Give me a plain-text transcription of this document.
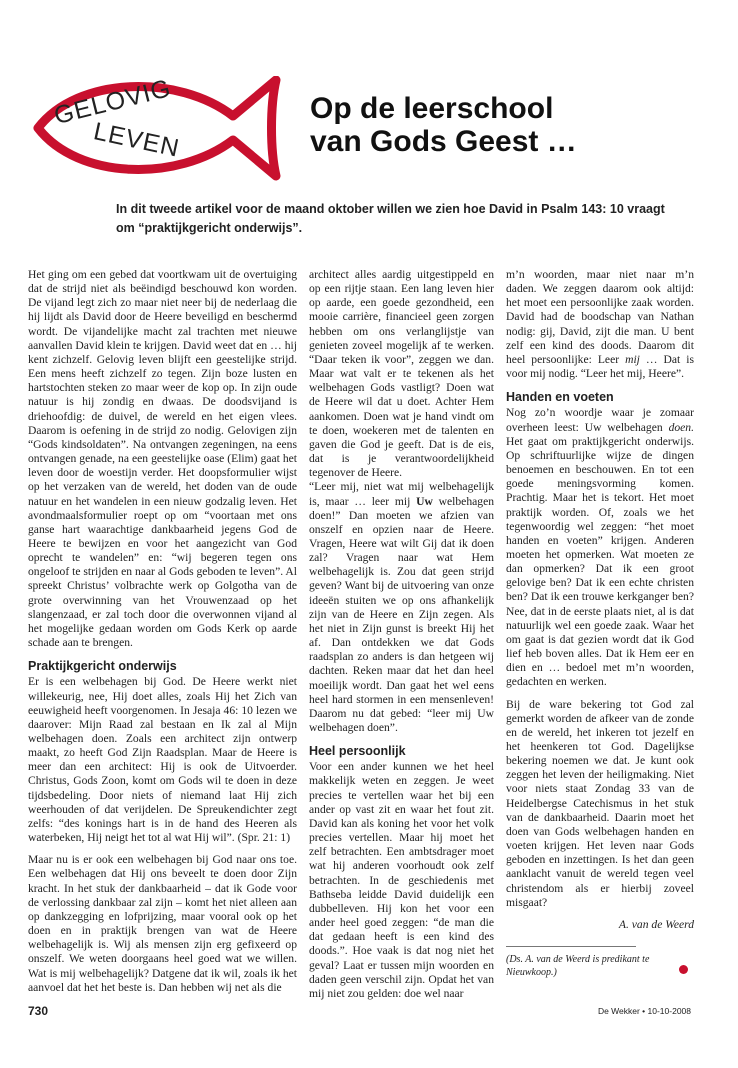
GELOVIG
LEVEN
Op de leerschool
van Gods Geest …
In dit tweede artikel voor de maand oktober willen we zien hoe David in Psalm 143: 10 vraagt om “praktijkgericht onderwijs”.

Het ging om een gebed dat voortkwam uit de overtuiging dat de strijd niet als beëindigd beschouwd kon worden. De vijand legt zich zo maar niet neer bij de nederlaag die hij lijdt als David door de Heere beveiligd en beschermd wordt. De vijandelijke macht zal trachten met nieuwe aanvallen David klein te krijgen. David weet dat en … hij kent zichzelf. Gelovig leven blijft een geestelijke strijd. Een mens heeft zichzelf zo tegen. Zijn boze lusten en hartstochten steken zo maar weer de kop op. In zijn oude natuur is hij zondig en dwaas. De doodsvijand is driehoofdig: de duivel, de wereld en het eigen vlees. Daarom is oefening in de strijd zo nodig. Gelovigen zijn “Gods kindsoldaten”. Na ontvangen zegeningen, na eens ontvangen genade, na een geestelijke oase (Elim) gaat het leven door de woestijn verder. Het doopsformulier wijst op het verzaken van de wereld, het doden van de oude natuur en het wandelen in een nieuw godzalig leven. Het avondmaalsformulier roept op om “voortaan met ons ganse hart waarachtige dankbaarheid jegens God de Heere te bewijzen en voor het aangezicht van God oprecht te wandelen” en: “wij begeren tegen ons ongeloof te strijden en naar al Gods geboden te leven”. Al spreekt Christus’ volbrachte werk op Golgotha van de grote overwinning van het Vrouwenzaad op het slangenzaad, er zal toch door die overwonnen vijand al het mogelijke gedaan worden om Gods Kerk op aarde schade aan te brengen.

Praktijkgericht onderwijs

Er is een welbehagen bij God. De Heere werkt niet willekeurig, nee, Hij doet alles, zoals Hij het Zich van eeuwigheid heeft voorgenomen. In Jesaja 46: 10 lezen we daarover: Mijn Raad zal bestaan en Ik zal al Mijn welbehagen doen. Zoals een architect zijn ontwerp maakt, zo heeft God Zijn Raadsplan. Maar de Heere is meer dan een architect: Hij is ook de Uitvoerder. Christus, Gods Zoon, komt om Gods wil te doen in deze tijdsbedeling. Door niets of niemand laat Hij zich weerhouden of dat verijdelen. De Spreukendichter zegt zelfs: “des konings hart is in de hand des Heeren als waterbeken, Hij neigt het tot al wat Hij wil”. (Spr. 21: 1)

Maar nu is er ook een welbehagen bij God naar ons toe. Een welbehagen dat Hij ons beveelt te doen door Zijn kracht. In het stuk der dankbaarheid – dat ik Gode voor de verlossing dankbaar zal zijn – komt het niet alleen aan op dankzegging en lofprijzing, maar vooral ook op het doen en in praktijk brengen van wat de Heere welbehagelijk is. Wij als mensen zijn erg gefixeerd op onszelf. We weten doorgaans heel goed wat we willen. Wat is mij welbehagelijk? Datgene dat ik wil, zoals ik het aanvoel dat het het beste is. Dan hebben wij net als die

architect alles aardig uitgestippeld en op een rijtje staan. Een lang leven hier op aarde, een goede gezondheid, een mooie carrière, financieel geen zorgen hebben om ons verlanglijstje van genieten zoveel mogelijk af te werken. “Daar teken ik voor”, zeggen we dan. Maar wat valt er te tekenen als het welbehagen Gods vastligt? Doen wat de Heere wil dat u doet. Achter Hem aankomen. Doen wat je hand vindt om te doen, woekeren met de talenten en gaven die God je geeft. Dat is de eis, dat is je verantwoordelijkheid tegenover de Heere.
“Leer mij, niet wat mij welbehagelijk is, maar … leer mij Uw welbehagen doen!” Dan moeten we afzien van onszelf en opzien naar de Heere. Vragen, Heere wat wilt Gij dat ik doen zal? Vragen naar wat Hem welbehagelijk is. Zou dat geen strijd geven? Want bij de uitvoering van onze ideeën stuiten we op ons afhankelijk zijn van de Heere en Zijn zegen. Als het niet in Zijn gunst is breekt Hij het af. Dan ontdekken we dat Gods raadsplan zo anders is dan hetgeen wij dachten. Reken maar dat het dan heel moeilijk wordt. Dan gaat het wel eens heel hard stormen in een mensenleven! Daarom nu dat gebed: “leer mij Uw welbehagen doen”.

Heel persoonlijk

Voor een ander kunnen we het heel makkelijk weten en zeggen. Je weet precies te vertellen waar het bij een ander op vast zit en waar het fout zit. David kan als koning het voor het volk precies vertellen. Maar hij moet het zelf betrachten. Een ambtsdrager moet wat hij anderen voorhoudt ook zelf betrachten. In de geschiedenis met Bathseba leidde David duidelijk een dubbelleven. Hij kon het voor een ander heel goed zeggen: “de man die dat gedaan heeft is een kind des doods.”. Hoe vaak is dat nog niet het geval? Laat er tussen mijn woorden en daden geen verschil zijn. Opdat het van mij niet zou gelden: doe wel naar

m’n woorden, maar niet naar m’n daden. We zeggen daarom ook altijd: het moet een persoonlijke zaak worden. David had de boodschap van Nathan nodig: gij, David, zijt die man. U bent zelf een kind des doods. Daarom dit heel persoonlijke: Leer mij … Dat is voor mij nodig. “Leer het mij, Heere”.

Handen en voeten

Nog zo’n woordje waar je zomaar overheen leest: Uw welbehagen doen. Het gaat om praktijkgericht onderwijs. Op schriftuurlijke wijze de dingen benoemen en beschouwen. En tot een goede meningsvorming komen. Prachtig. Maar het is tekort. Het moet praktijk worden. Of, zoals we het tegenwoordig wel zeggen: “het moet handen en voeten” krijgen. Anderen moeten het opmerken. Wat moeten ze dan opmerken? Dat ik een groot gelovige ben? Dat ik een echte christen ben? Dat ik een trouwe kerkganger ben? Nee, dat in de eerste plaats niet, al is dat natuurlijk wel een goede zaak. Waar het om gaat is dat gezien wordt dat ik God lief heb boven alles. Dat ik Hem eer en dien en … bedoel met m’n woorden, gedachten en werken.

Bij de ware bekering tot God zal gemerkt worden de afkeer van de zonde en de wereld, het inkeren tot jezelf en het heenkeren tot God. Dagelijkse bekering noemen we dat. Je kunt ook zeggen het leven der heiligmaking. Niet voor niets staat Zondag 33 van de Heidelbergse Catechismus in het stuk van de dankbaarheid. Daarin moet het doen van Gods welbehagen handen en voeten krijgen. Het leven naar Gods geboden en inzettingen. Is het dan geen aanklacht vanuit de wereld tegen veel christendom als er hierbij zoveel misgaat?

A. van de Weerd
(Ds. A. van de Weerd is predikant te Nieuwkoop.)
730	De Wekker • 10-10-2008
